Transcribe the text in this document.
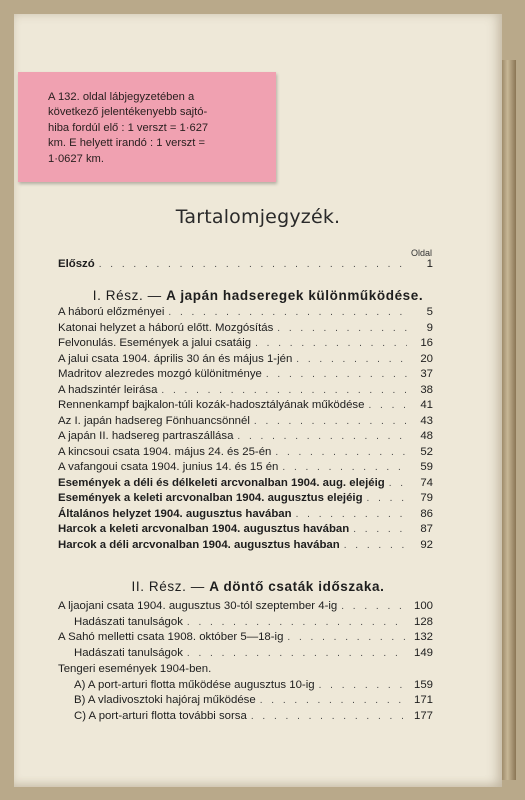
Tartalomjegyzék.
Oldal
Előszó . . .	1
I. Rész. — A japán hadseregek különműködése.
A háború előzményei . . .	5
Katonai helyzet a háború előtt. Mozgósítás . . .	9
Felvonulás. Események a jalui csatáig . . .	16
A jalui csata 1904. április 30 án és május 1-jén . . .	20
Madritov alezredes mozgó különitménye . . .	37
A hadszintér leirása . . .	38
Rennenkampf bajkalon-túli kozák-hadosztályának működése . . .	41
Az I. japán hadsereg Fönhuancsönnél . . .	43
A japán II. hadsereg partraszállása . . .	48
A kincsoui csata 1904. május 24. és 25-én . . .	52
A vafangoui csata 1904. junius 14. és 15 én . . .	59
Események a déli és délkeleti arcvonalban 1904. aug. elejéig . . .	74
Események a keleti arcvonalban 1904. augusztus elejéig . . .	79
Általános helyzet 1904. augusztus havában . . .	86
Harcok a keleti arcvonalban 1904. augusztus havában . . .	87
Harcok a déli arcvonalban 1904. augusztus havában . . .	92
II. Rész. — A döntő csaták időszaka.
A ljaojani csata 1904. augusztus 30-tól szeptember 4-ig . . .	100
Hadászati tanulságok . . .	128
A Sahó melletti csata 1908. október 5—18-ig . . .	132
Hadászati tanulságok . . .	149
Tengeri események 1904-ben.
A) A port-arturi flotta működése augusztus 10-ig . . .	159
B) A vladivosztoki hajóraj működése . . .	171
C) A port-arturi flotta további sorsa . . .	177
A 132. oldal lábjegyzetében a
következő jelentékenyebb sajtó-
hiba fordúl elő : 1 verszt = 1·627
km. E helyett irandó : 1 verszt =
1·0627 km.
